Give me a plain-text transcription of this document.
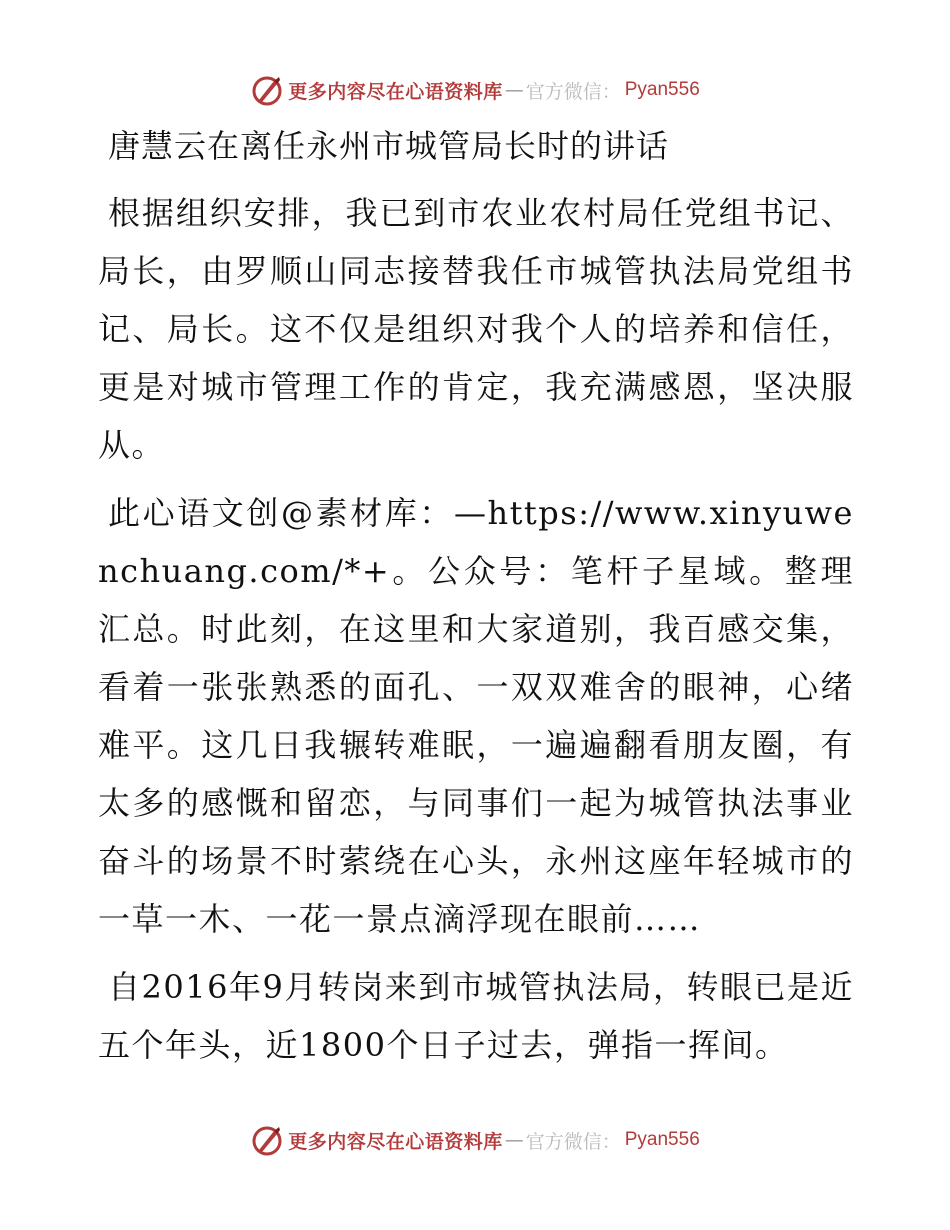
更多内容尽在心语资料库 — 官方微信： Pyan556
唐慧云在离任永州市城管局长时的讲话

根据组织安排，我已到市农业农村局任党组书记、局长，由罗顺山同志接替我任市城管执法局党组书记、局长。这不仅是组织对我个人的培养和信任，更是对城市管理工作的肯定，我充满感恩，坚决服从。

此心语文创@素材库：—https://www.xinyuwenchuang.com/*+。公众号：笔杆子星域。整理汇总。时此刻，在这里和大家道别，我百感交集，看着一张张熟悉的面孔、一双双难舍的眼神，心绪难平。这几日我辗转难眠，一遍遍翻看朋友圈，有太多的感慨和留恋，与同事们一起为城管执法事业奋斗的场景不时萦绕在心头，永州这座年轻城市的一草一木、一花一景点滴浮现在眼前……

自2016年9月转岗来到市城管执法局，转眼已是近五个年头，近1800个日子过去，弹指一挥间。

更多内容尽在心语资料库 — 官方微信： Pyan556
